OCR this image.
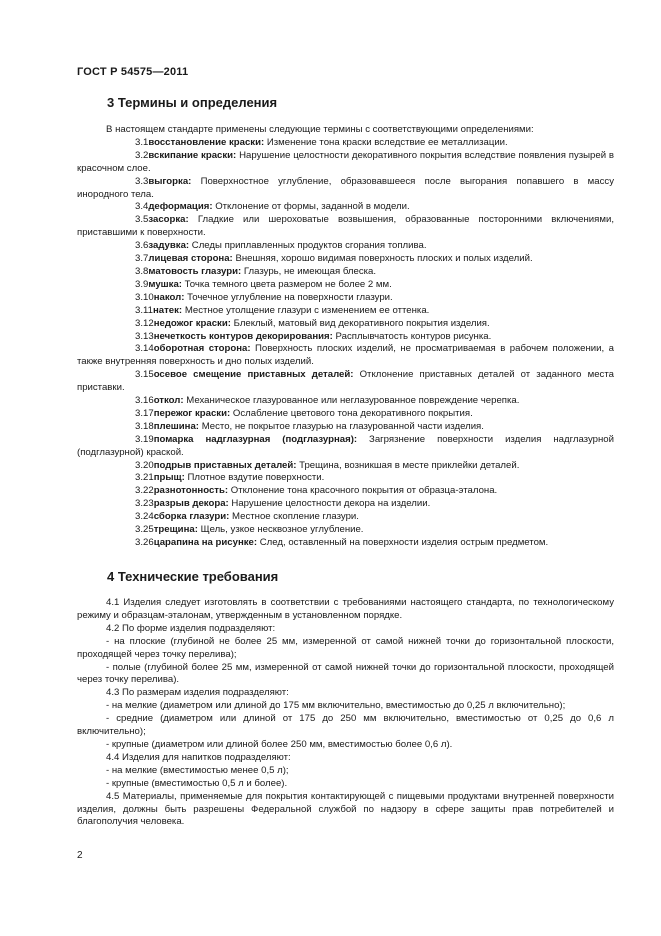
ГОСТ Р 54575—2011
3 Термины и определения

В настоящем стандарте применены следующие термины с соответствующими определениями:

3.1восстановление краски: Изменение тона краски вследствие ее металлизации.

3.2вскипание краски: Нарушение целостности декоративного покрытия вследствие появления пузырей в красочном слое.

3.3выгорка: Поверхностное углубление, образовавшееся после выгорания попавшего в массу инородного тела.

3.4деформация: Отклонение от формы, заданной в модели.

3.5засорка: Гладкие или шероховатые возвышения, образованные посторонними включениями, приставшими к поверхности.

3.6задувка: Следы приплавленных продуктов сгорания топлива.

3.7лицевая сторона: Внешняя, хорошо видимая поверхность плоских и полых изделий.

3.8матовость глазури: Глазурь, не имеющая блеска.

3.9мушка: Точка темного цвета размером не более 2 мм.

3.10накол: Точечное углубление на поверхности глазури.

3.11натек: Местное утолщение глазури с изменением ее оттенка.

3.12недожог краски: Блеклый, матовый вид декоративного покрытия изделия.

3.13нечеткость контуров декорирования: Расплывчатость контуров рисунка.

3.14оборотная сторона: Поверхность плоских изделий, не просматриваемая в рабочем положении, а также внутренняя поверхность и дно полых изделий.

3.15осевое смещение приставных деталей: Отклонение приставных деталей от заданного места приставки.

3.16откол: Механическое глазурованное или неглазурованное повреждение черепка.

3.17пережог краски: Ослабление цветового тона декоративного покрытия.

3.18плешина: Место, не покрытое глазурью на глазурованной части изделия.

3.19помарка надглазурная (подглазурная): Загрязнение поверхности изделия надглазурной (подглазурной) краской.

3.20подрыв приставных деталей: Трещина, возникшая в месте приклейки деталей.

3.21прыщ: Плотное вздутие поверхности.

3.22разнотонность: Отклонение тона красочного покрытия от образца-эталона.

3.23разрыв декора: Нарушение целостности декора на изделии.

3.24сборка глазури: Местное скопление глазури.

3.25трещина: Щель, узкое несквозное углубление.

3.26царапина на рисунке: След, оставленный на поверхности изделия острым предметом.

4 Технические требования

4.1 Изделия следует изготовлять в соответствии с требованиями настоящего стандарта, по технологическому режиму и образцам-эталонам, утвержденным в установленном порядке.

4.2 По форме изделия подразделяют:

- на плоские (глубиной не более 25 мм, измеренной от самой нижней точки до горизонтальной плоскости, проходящей через точку перелива);

- полые (глубиной более 25 мм, измеренной от самой нижней точки до горизонтальной плоскости, проходящей через точку перелива).

4.3 По размерам изделия подразделяют:

- на мелкие (диаметром или длиной до 175 мм включительно, вместимостью до 0,25 л включительно);

- средние (диаметром или длиной от 175 до 250 мм включительно, вместимостью от 0,25 до 0,6 л включительно);

- крупные (диаметром или длиной более 250 мм, вместимостью более 0,6 л).

4.4 Изделия для напитков подразделяют:

- на мелкие (вместимостью менее 0,5 л);

- крупные (вместимостью 0,5 л и более).

4.5 Материалы, применяемые для покрытия контактирующей с пищевыми продуктами внутренней поверхности изделия, должны быть разрешены Федеральной службой по надзору в сфере защиты прав потребителей и благополучия человека.

2
